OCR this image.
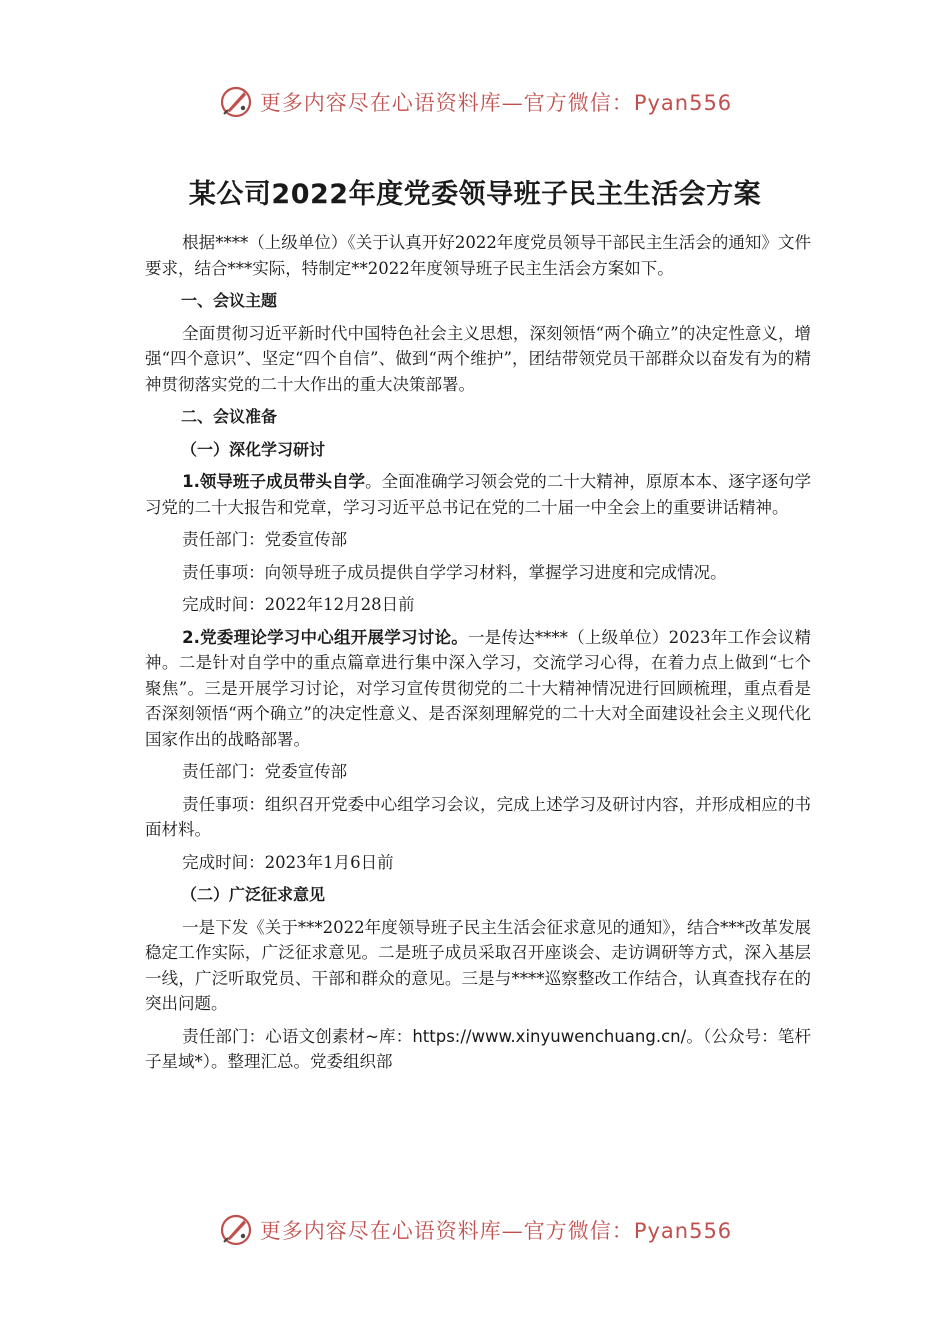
更多内容尽在心语资料库—官方微信：Pyan556
某公司2022年度党委领导班子民主生活会方案

根据****（上级单位）《关于认真开好2022年度党员领导干部民主生活会的通知》文件要求，结合***实际，特制定**2022年度领导班子民主生活会方案如下。

一、会议主题

全面贯彻习近平新时代中国特色社会主义思想，深刻领悟“两个确立”的决定性意义，增强“四个意识”、坚定“四个自信”、做到“两个维护”，团结带领党员干部群众以奋发有为的精神贯彻落实党的二十大作出的重大决策部署。

二、会议准备

（一）深化学习研讨

1.领导班子成员带头自学。全面准确学习领会党的二十大精神，原原本本、逐字逐句学习党的二十大报告和党章，学习习近平总书记在党的二十届一中全会上的重要讲话精神。

责任部门：党委宣传部

责任事项：向领导班子成员提供自学学习材料，掌握学习进度和完成情况。

完成时间：2022年12月28日前

2.党委理论学习中心组开展学习讨论。一是传达****（上级单位）2023年工作会议精神。二是针对自学中的重点篇章进行集中深入学习，交流学习心得，在着力点上做到“七个聚焦”。三是开展学习讨论，对学习宣传贯彻党的二十大精神情况进行回顾梳理，重点看是否深刻领悟“两个确立”的决定性意义、是否深刻理解党的二十大对全面建设社会主义现代化国家作出的战略部署。

责任部门：党委宣传部

责任事项：组织召开党委中心组学习会议，完成上述学习及研讨内容，并形成相应的书面材料。

完成时间：2023年1月6日前

（二）广泛征求意见

一是下发《关于***2022年度领导班子民主生活会征求意见的通知》，结合***改革发展稳定工作实际，广泛征求意见。二是班子成员采取召开座谈会、走访调研等方式，深入基层一线，广泛听取党员、干部和群众的意见。三是与****巡察整改工作结合，认真查找存在的突出问题。

责任部门：心语文创素材~库：https://www.xinyuwenchuang.cn/。（公众号：笔杆子星域*）。整理汇总。党委组织部

更多内容尽在心语资料库—官方微信：Pyan556
